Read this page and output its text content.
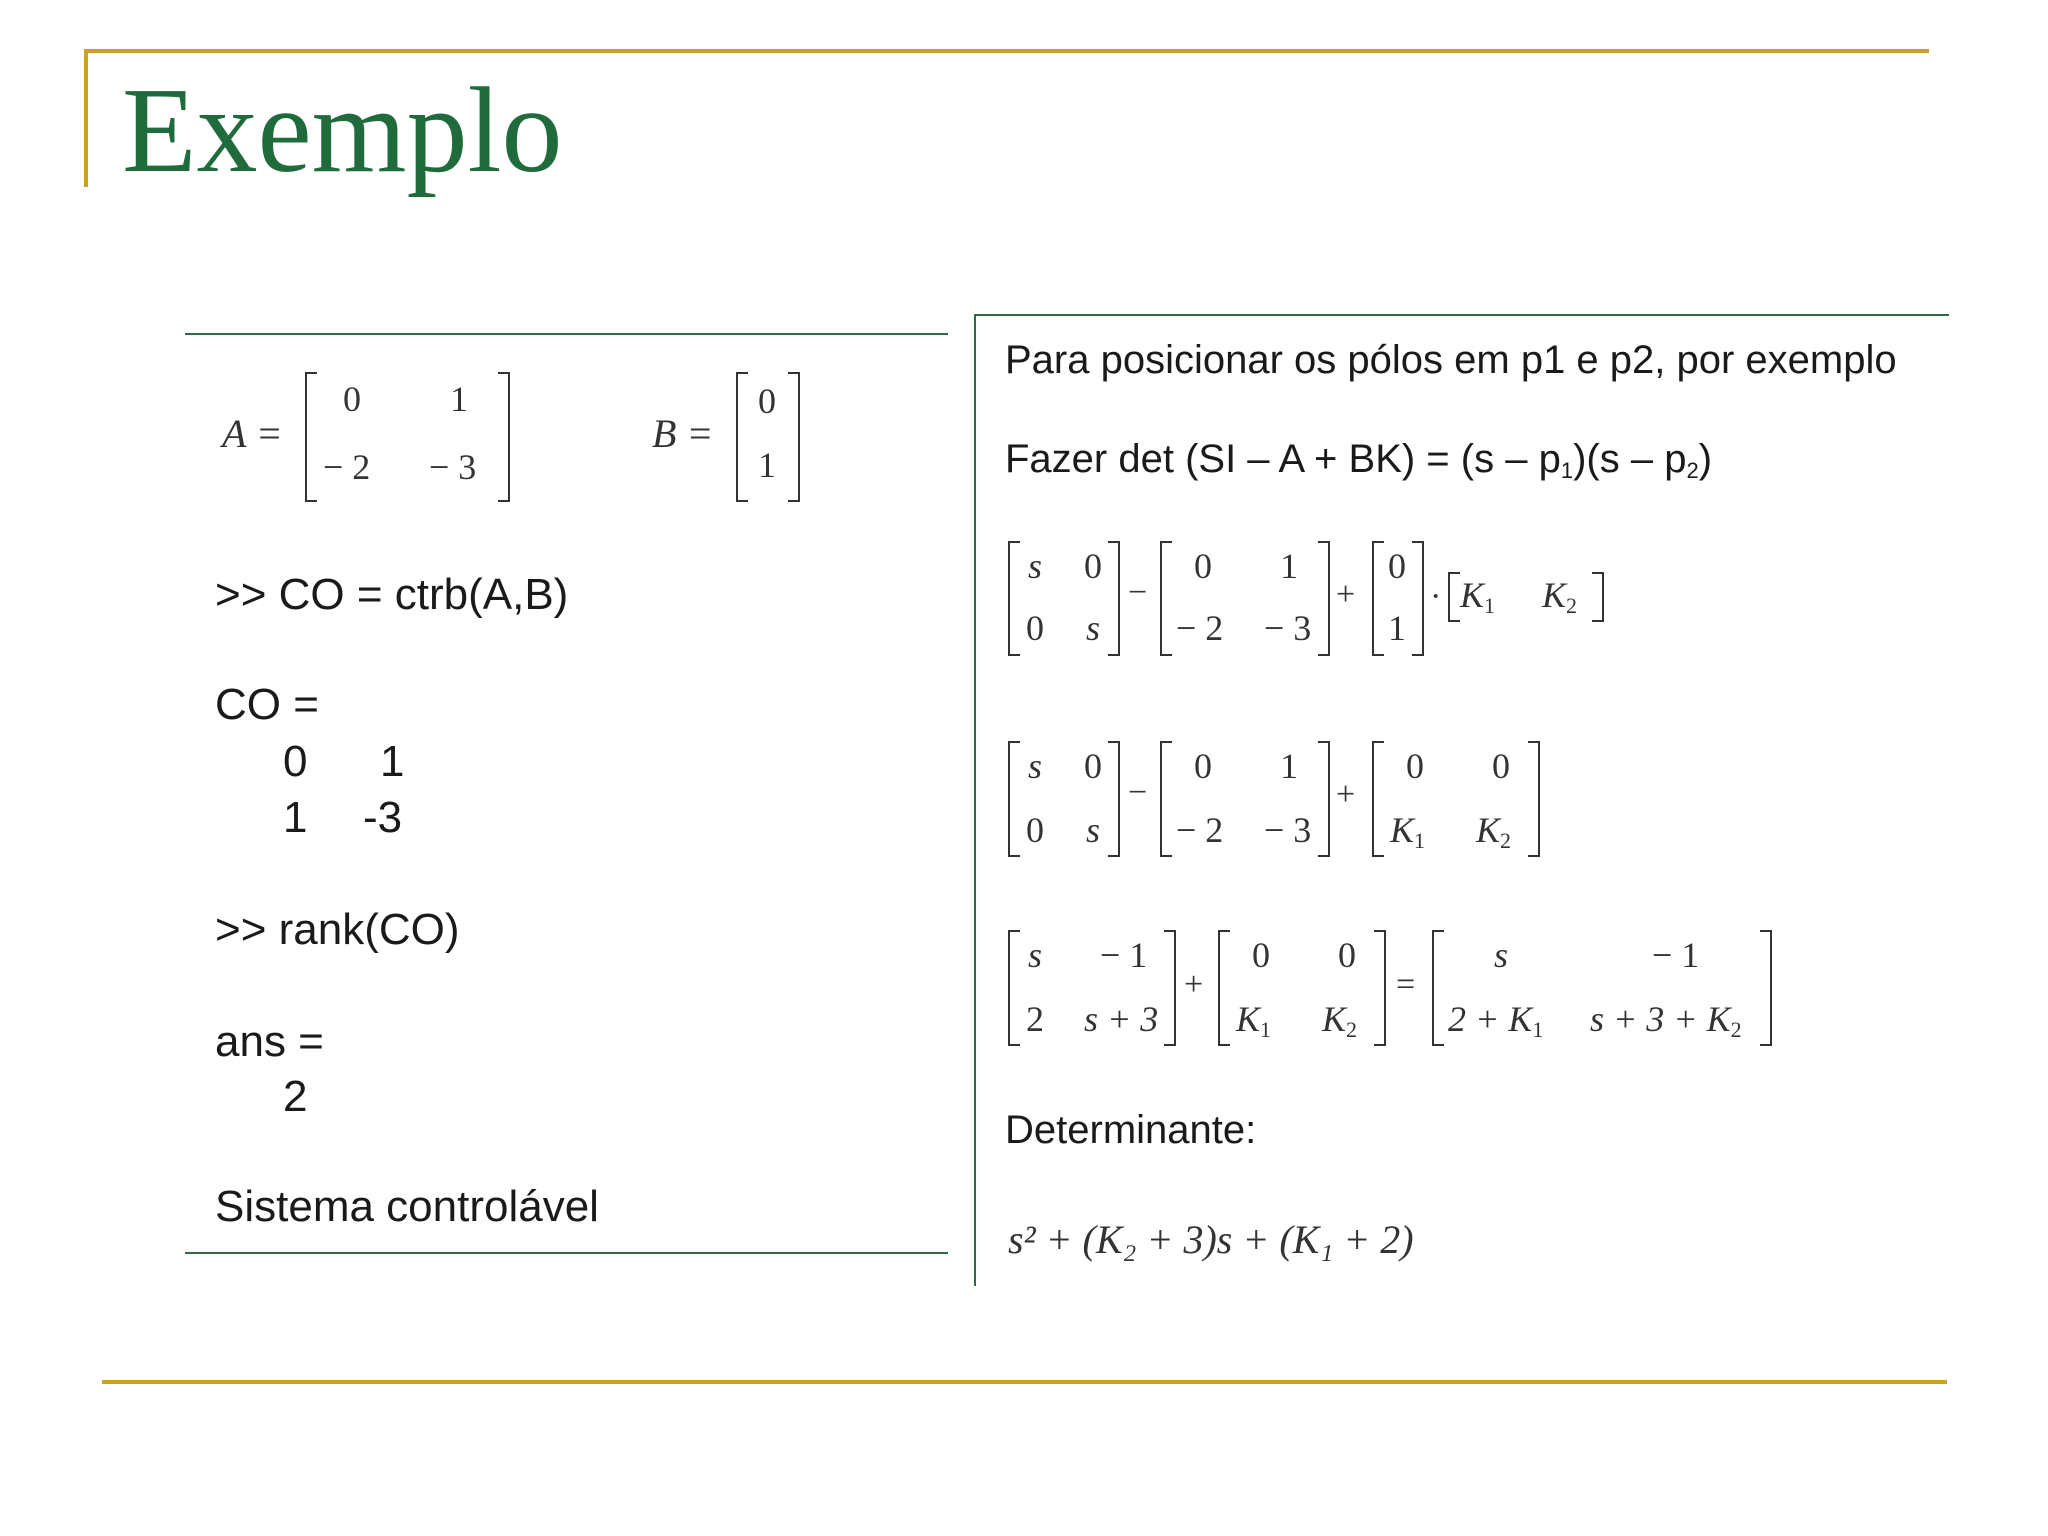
Exemplo
A =
0 1
− 2 − 3
B =
0
1
>> CO = ctrb(A,B)
CO =
0 1
1 -3
>> rank(CO)
ans =
2
Sistema controlável
Para posicionar os pólos em p1 e p2, por exemplo
Fazer $\det (SI - A + BK) = (s - p_1)(s - p_2)$
s 0
0 s
−
0 1
− 2 − 3
+
0
1
· $K_1$ $K_2$
s 0
0 s
−
0 1
− 2 − 3
+
0 0
$K_1$ $K_2$
s − 1
2 s + 3
+
0 0
$K_1$ $K_2$
=
s	− 1
$2 + K_1$ $s + 3 + K_2$
Determinante:
s² + (K₂ + 3)s + (K₁ + 2)
